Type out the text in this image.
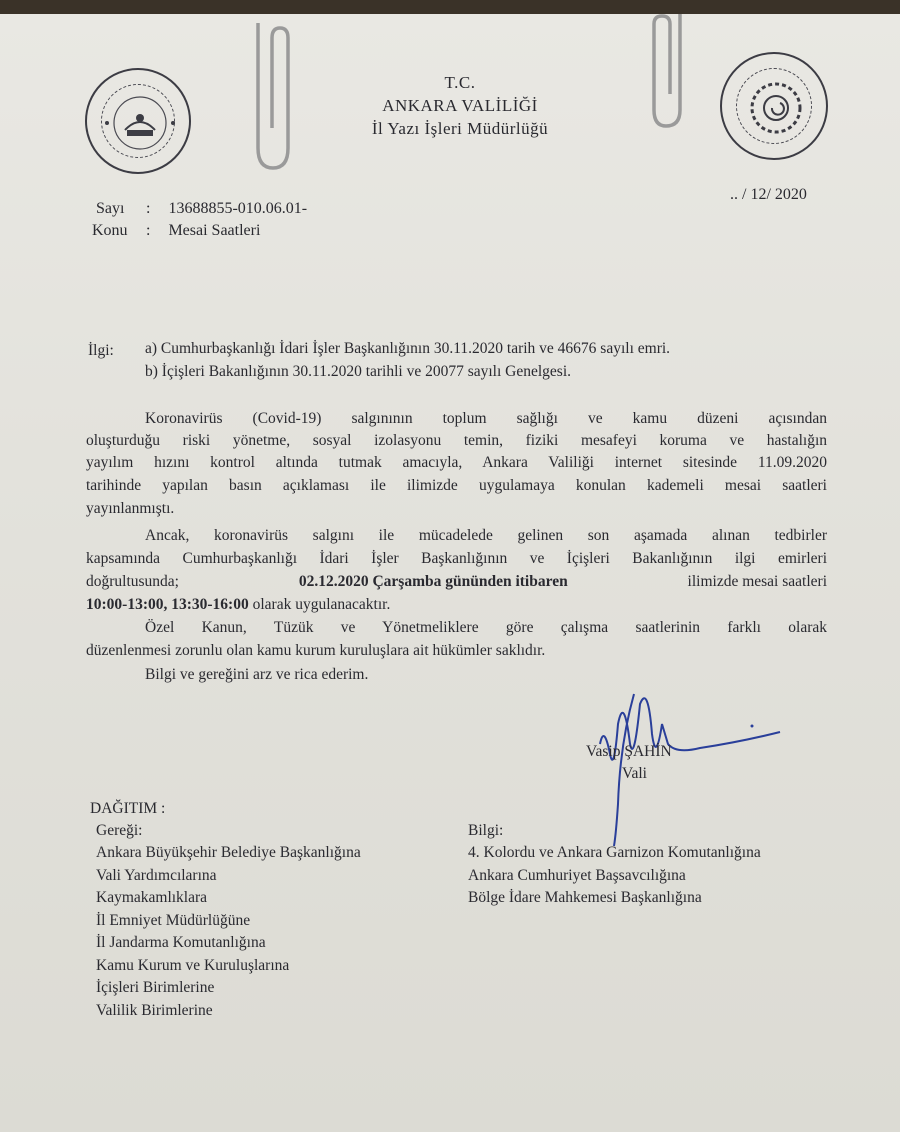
T.C.
ANKARA VALİLİĞİ
İl Yazı İşleri Müdürlüğü
Sayı : 13688855-010.06.01-
Konu : Mesai Saatleri
.. / 12/ 2020
İlgi: a) Cumhurbaşkanlığı İdari İşler Başkanlığının 30.11.2020 tarih ve 46676 sayılı emri.
b) İçişleri Bakanlığının 30.11.2020 tarihli ve 20077 sayılı Genelgesi.
Koronavirüs (Covid-19) salgınının toplum sağlığı ve kamu düzeni açısından
oluşturduğu riski yönetme, sosyal izolasyonu temin, fiziki mesafeyi koruma ve hastalığın
yayılım hızını kontrol altında tutmak amacıyla, Ankara Valiliği internet sitesinde 11.09.2020
tarihinde yapılan basın açıklaması ile ilimizde uygulamaya konulan kademeli mesai saatleri
yayınlanmıştı.
Ancak, koronavirüs salgını ile mücadelede gelinen son aşamada alınan tedbirler
kapsamında Cumhurbaşkanlığı İdari İşler Başkanlığının ve İçişleri Bakanlığının ilgi emirleri
doğrultusunda;	02.12.2020 Çarşamba gününden itibaren	ilimizde mesai saatleri
10:00-13:00, 13:30-16:00 olarak uygulanacaktır.
Özel Kanun, Tüzük ve Yönetmeliklere göre çalışma saatlerinin farklı olarak
düzenlenmesi zorunlu olan kamu kurum kuruluşlara ait hükümler saklıdır.
Bilgi ve gereğini arz ve rica ederim.
Vasip ŞAHİN
Vali
DAĞITIM :
Gereği:
Ankara Büyükşehir Belediye Başkanlığına
Vali Yardımcılarına
Kaymakamlıklara
İl Emniyet Müdürlüğüne
İl Jandarma Komutanlığına
Kamu Kurum ve Kuruluşlarına
İçişleri Birimlerine
Valilik Birimlerine
Bilgi:
4. Kolordu ve Ankara Garnizon Komutanlığına
Ankara Cumhuriyet Başsavcılığına
Bölge İdare Mahkemesi Başkanlığına
